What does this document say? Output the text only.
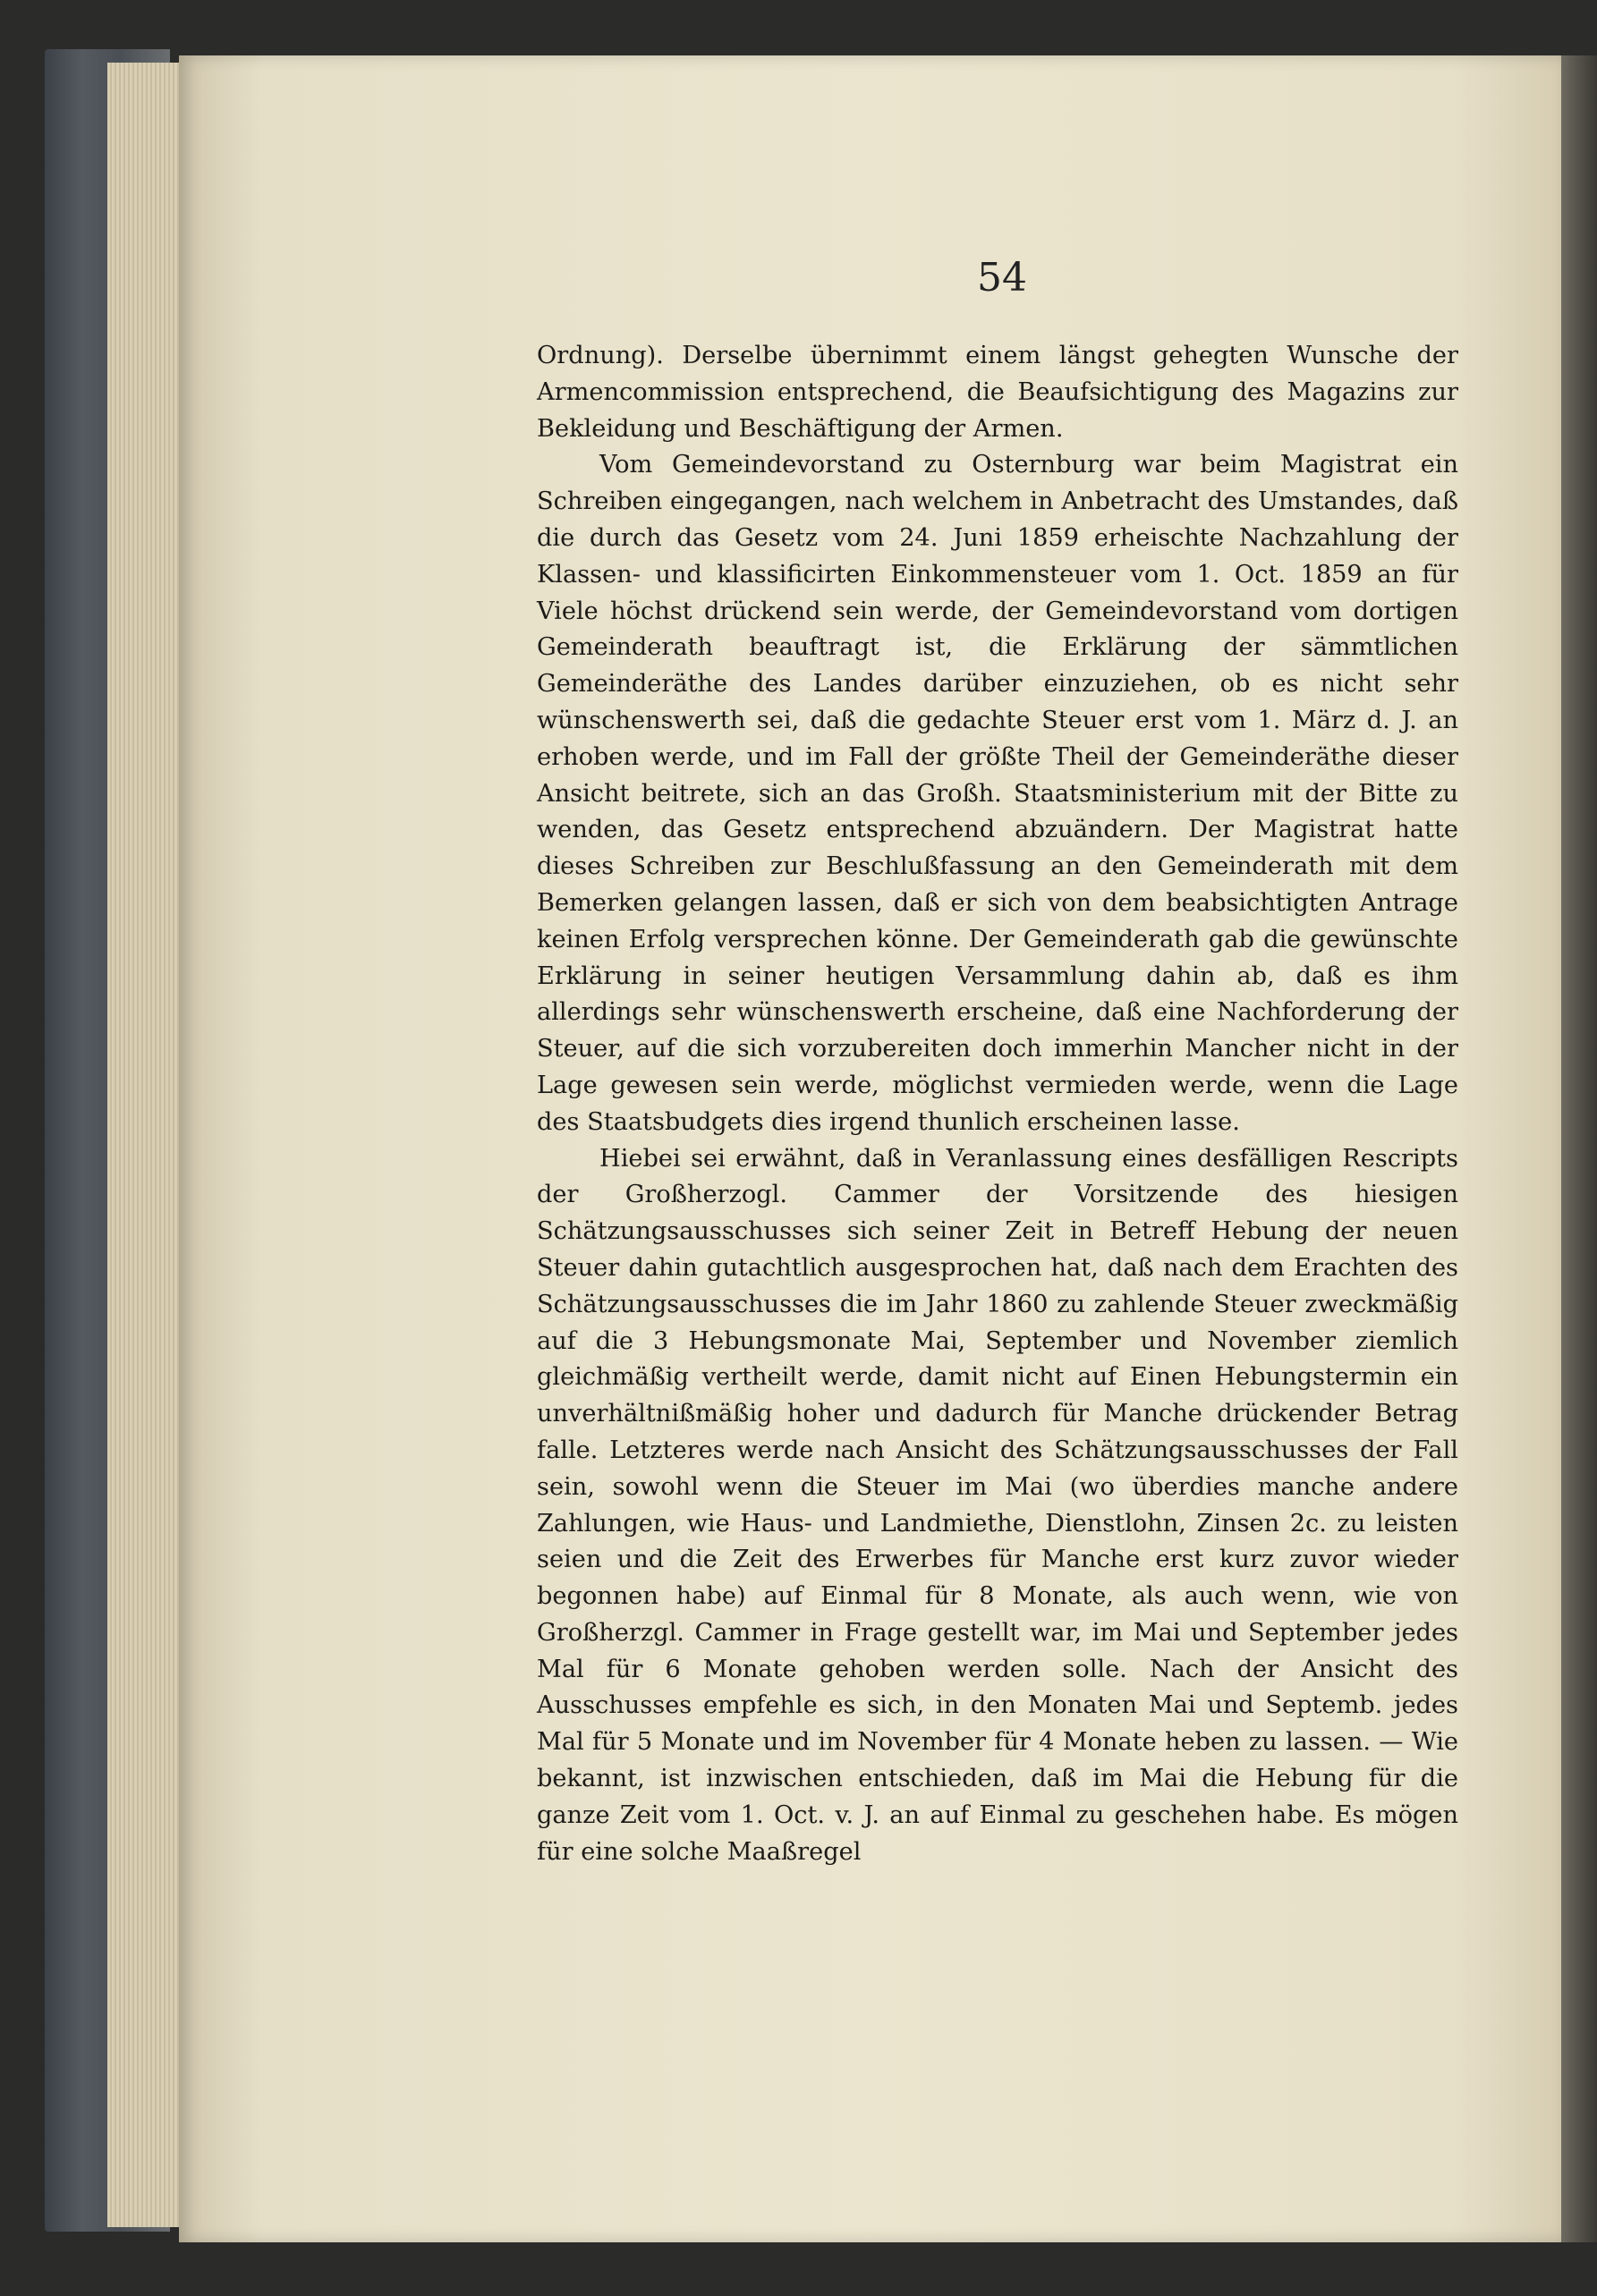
54

Ordnung). Derselbe übernimmt einem längst gehegten Wunsche der Armencommission entsprechend, die Beaufsichtigung des Magazins zur Bekleidung und Beschäftigung der Armen.

Vom Gemeindevorstand zu Osternburg war beim Magistrat ein Schreiben eingegangen, nach welchem in Anbetracht des Umstandes, daß die durch das Gesetz vom 24. Juni 1859 erheischte Nachzahlung der Klassen- und klassificirten Einkommensteuer vom 1. Oct. 1859 an für Viele höchst drückend sein werde, der Gemeindevorstand vom dortigen Gemeinderath beauftragt ist, die Erklärung der sämmtlichen Gemeinderäthe des Landes darüber einzuziehen, ob es nicht sehr wünschenswerth sei, daß die gedachte Steuer erst vom 1. März d. J. an erhoben werde, und im Fall der größte Theil der Gemeinderäthe dieser Ansicht beitrete, sich an das Großh. Staatsministerium mit der Bitte zu wenden, das Gesetz entsprechend abzuändern. Der Magistrat hatte dieses Schreiben zur Beschlußfassung an den Gemeinderath mit dem Bemerken gelangen lassen, daß er sich von dem beabsichtigten Antrage keinen Erfolg versprechen könne. Der Gemeinderath gab die gewünschte Erklärung in seiner heutigen Versammlung dahin ab, daß es ihm allerdings sehr wünschenswerth erscheine, daß eine Nachforderung der Steuer, auf die sich vorzubereiten doch immerhin Mancher nicht in der Lage gewesen sein werde, möglichst vermieden werde, wenn die Lage des Staatsbudgets dies irgend thunlich erscheinen lasse.

Hiebei sei erwähnt, daß in Veranlassung eines desfälligen Rescripts der Großherzogl. Cammer der Vorsitzende des hiesigen Schätzungsausschusses sich seiner Zeit in Betreff Hebung der neuen Steuer dahin gutachtlich ausgesprochen hat, daß nach dem Erachten des Schätzungsausschusses die im Jahr 1860 zu zahlende Steuer zweckmäßig auf die 3 Hebungsmonate Mai, September und November ziemlich gleichmäßig vertheilt werde, damit nicht auf Einen Hebungstermin ein unverhältnißmäßig hoher und dadurch für Manche drückender Betrag falle. Letzteres werde nach Ansicht des Schätzungsausschusses der Fall sein, sowohl wenn die Steuer im Mai (wo überdies manche andere Zahlungen, wie Haus- und Landmiethe, Dienstlohn, Zinsen 2c. zu leisten seien und die Zeit des Erwerbes für Manche erst kurz zuvor wieder begonnen habe) auf Einmal für 8 Monate, als auch wenn, wie von Großherzgl. Cammer in Frage gestellt war, im Mai und September jedes Mal für 6 Monate gehoben werden solle. Nach der Ansicht des Ausschusses empfehle es sich, in den Monaten Mai und Septemb. jedes Mal für 5 Monate und im November für 4 Monate heben zu lassen. — Wie bekannt, ist inzwischen entschieden, daß im Mai die Hebung für die ganze Zeit vom 1. Oct. v. J. an auf Einmal zu geschehen habe. Es mögen für eine solche Maaßregel
